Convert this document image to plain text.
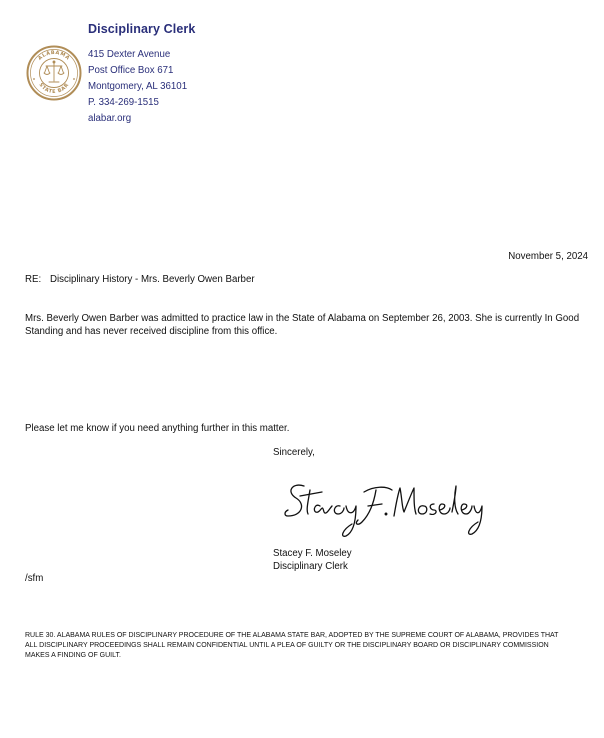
ALABAMA
STATE BAR
Disciplinary Clerk
415 Dexter Avenue
Post Office Box 671
Montgomery, AL 36101
P. 334-269-1515
alabar.org
November 5, 2024
RE: Disciplinary History - Mrs. Beverly Owen Barber
Mrs. Beverly Owen Barber was admitted to practice law in the State of Alabama on September 26, 2003. She is currently In Good Standing and has never received discipline from this office.
Please let me know if you need anything further in this matter.
Sincerely,
Stacey F. Moseley
Disciplinary Clerk
/sfm
RULE 30. ALABAMA RULES OF DISCIPLINARY PROCEDURE OF THE ALABAMA STATE BAR, ADOPTED BY THE SUPREME COURT OF ALABAMA, PROVIDES THAT ALL DISCIPLINARY PROCEEDINGS SHALL REMAIN CONFIDENTIAL UNTIL A PLEA OF GUILTY OR THE DISCIPLINARY BOARD OR DISCIPLINARY COMMISSION MAKES A FINDING OF GUILT.
